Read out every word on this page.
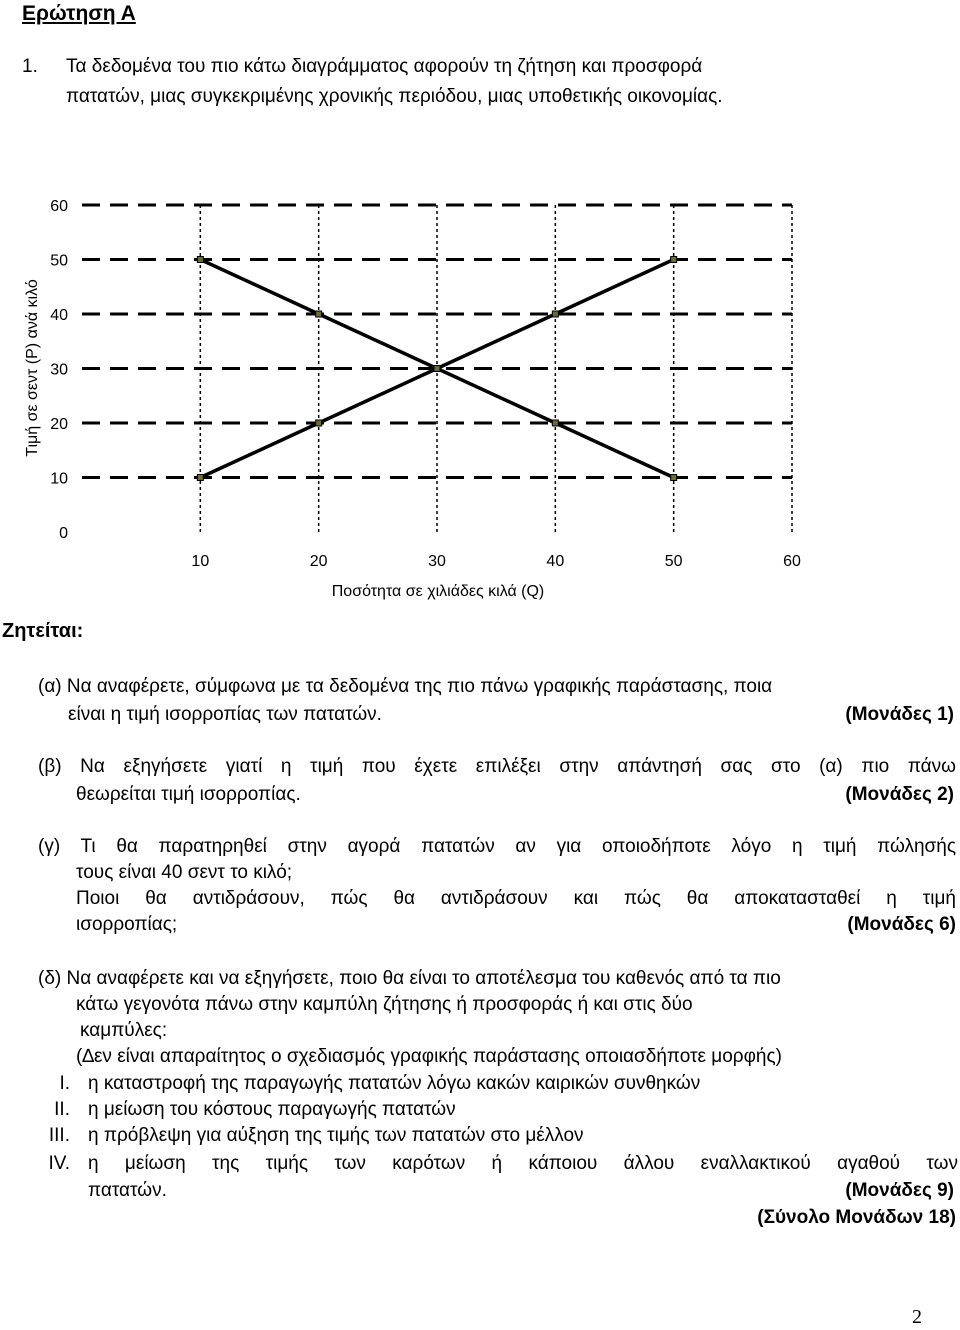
Ερώτηση Α
1. Τα δεδομένα του πιο κάτω διαγράμματος αφορούν τη ζήτηση και προσφορά
πατατών, μιας συγκεκριμένης χρονικής περιόδου, μιας υποθετικής οικονομίας.
0
10
20
30
40
50
60
10	20	30	40	50	60
Τιμή σε σεντ (P) ανά κιλό
Ποσότητα σε χιλιάδες κιλά (Q)
Ζητείται:
(α) Να αναφέρετε, σύμφωνα με τα δεδομένα της πιο πάνω γραφικής παράστασης, ποια
είναι η τιμή ισορροπίας των πατατών.	(Μονάδες 1)
(β) Να εξηγήσετε γιατί η τιμή που έχετε επιλέξει στην απάντησή σας στο (α) πιο πάνω
θεωρείται τιμή ισορροπίας.	(Μονάδες 2)
(γ) Τι θα παρατηρηθεί στην αγορά πατατών αν για οποιοδήποτε λόγο η τιμή πώλησής
τους είναι 40 σεντ το κιλό;
Ποιοι θα αντιδράσουν, πώς θα αντιδράσουν και πώς θα αποκατασταθεί η τιμή
ισορροπίας;	(Μονάδες 6)
(δ) Να αναφέρετε και να εξηγήσετε, ποιο θα είναι το αποτέλεσμα του καθενός από τα πιο
κάτω γεγονότα πάνω στην καμπύλη ζήτησης ή προσφοράς ή και στις δύο
καμπύλες:
(∆εν είναι απαραίτητος ο σχεδιασμός γραφικής παράστασης οποιασδήποτε μορφής)
I. η καταστροφή της παραγωγής πατατών λόγω κακών καιρικών συνθηκών
II. η μείωση του κόστους παραγωγής πατατών
III. η πρόβλεψη για αύξηση της τιμής των πατατών στο μέλλον
IV. η μείωση της τιμής των καρότων ή κάποιου άλλου εναλλακτικού αγαθού των
πατατών.	(Μονάδες 9)
(Σύνολο Μονάδων 18)
2
